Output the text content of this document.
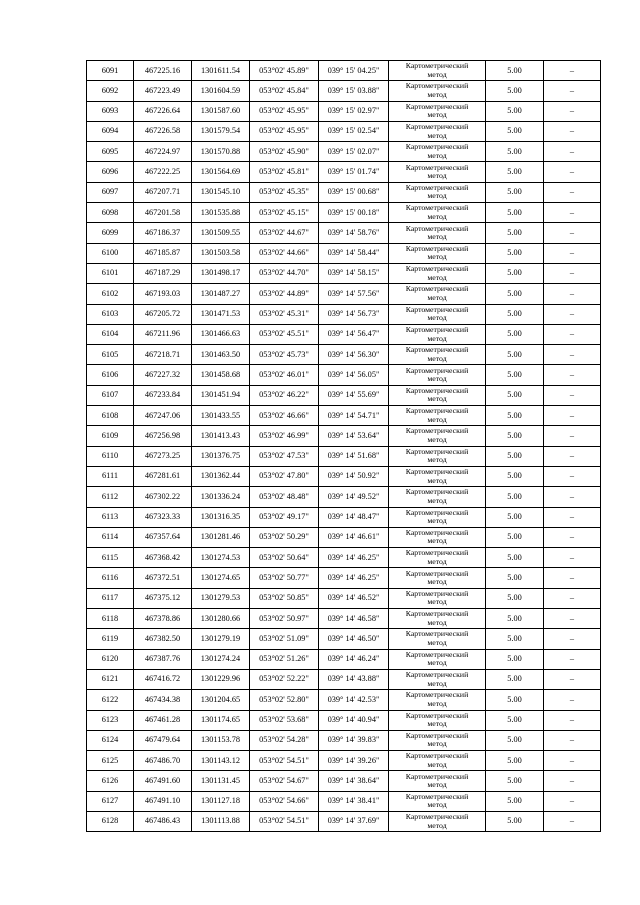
6091	467225.16	1301611.54	053°02' 45.89"	039° 15' 04.25"	Картометрический
метод	5.00	–
6092	467223.49	1301604.59	053°02' 45.84"	039° 15' 03.88"	Картометрический
метод	5.00	–
6093	467226.64	1301587.60	053°02' 45.95"	039° 15' 02.97"	Картометрический
метод	5.00	–
6094	467226.58	1301579.54	053°02' 45.95"	039° 15' 02.54"	Картометрический
метод	5.00	–
6095	467224.97	1301570.88	053°02' 45.90"	039° 15' 02.07"	Картометрический
метод	5.00	–
6096	467222.25	1301564.69	053°02' 45.81"	039° 15' 01.74"	Картометрический
метод	5.00	–
6097	467207.71	1301545.10	053°02' 45.35"	039° 15' 00.68"	Картометрический
метод	5.00	–
6098	467201.58	1301535.88	053°02' 45.15"	039° 15' 00.18"	Картометрический
метод	5.00	–
6099	467186.37	1301509.55	053°02' 44.67"	039° 14' 58.76"	Картометрический
метод	5.00	–
6100	467185.87	1301503.58	053°02' 44.66"	039° 14' 58.44"	Картометрический
метод	5.00	–
6101	467187.29	1301498.17	053°02' 44.70"	039° 14' 58.15"	Картометрический
метод	5.00	–
6102	467193.03	1301487.27	053°02' 44.89"	039° 14' 57.56"	Картометрический
метод	5.00	–
6103	467205.72	1301471.53	053°02' 45.31"	039° 14' 56.73"	Картометрический
метод	5.00	–
6104	467211.96	1301466.63	053°02' 45.51"	039° 14' 56.47"	Картометрический
метод	5.00	–
6105	467218.71	1301463.50	053°02' 45.73"	039° 14' 56.30"	Картометрический
метод	5.00	–
6106	467227.32	1301458.68	053°02' 46.01"	039° 14' 56.05"	Картометрический
метод	5.00	–
6107	467233.84	1301451.94	053°02' 46.22"	039° 14' 55.69"	Картометрический
метод	5.00	–
6108	467247.06	1301433.55	053°02' 46.66"	039° 14' 54.71"	Картометрический
метод	5.00	–
6109	467256.98	1301413.43	053°02' 46.99"	039° 14' 53.64"	Картометрический
метод	5.00	–
6110	467273.25	1301376.75	053°02' 47.53"	039° 14' 51.68"	Картометрический
метод	5.00	–
6111	467281.61	1301362.44	053°02' 47.80"	039° 14' 50.92"	Картометрический
метод	5.00	–
6112	467302.22	1301336.24	053°02' 48.48"	039° 14' 49.52"	Картометрический
метод	5.00	–
6113	467323.33	1301316.35	053°02' 49.17"	039° 14' 48.47"	Картометрический
метод	5.00	–
6114	467357.64	1301281.46	053°02' 50.29"	039° 14' 46.61"	Картометрический
метод	5.00	–
6115	467368.42	1301274.53	053°02' 50.64"	039° 14' 46.25"	Картометрический
метод	5.00	–
6116	467372.51	1301274.65	053°02' 50.77"	039° 14' 46.25"	Картометрический
метод	5.00	–
6117	467375.12	1301279.53	053°02' 50.85"	039° 14' 46.52"	Картометрический
метод	5.00	–
6118	467378.86	1301280.66	053°02' 50.97"	039° 14' 46.58"	Картометрический
метод	5.00	–
6119	467382.50	1301279.19	053°02' 51.09"	039° 14' 46.50"	Картометрический
метод	5.00	–
6120	467387.76	1301274.24	053°02' 51.26"	039° 14' 46.24"	Картометрический
метод	5.00	–
6121	467416.72	1301229.96	053°02' 52.22"	039° 14' 43.88"	Картометрический
метод	5.00	–
6122	467434.38	1301204.65	053°02' 52.80"	039° 14' 42.53"	Картометрический
метод	5.00	–
6123	467461.28	1301174.65	053°02' 53.68"	039° 14' 40.94"	Картометрический
метод	5.00	–
6124	467479.64	1301153.78	053°02' 54.28"	039° 14' 39.83"	Картометрический
метод	5.00	–
6125	467486.70	1301143.12	053°02' 54.51"	039° 14' 39.26"	Картометрический
метод	5.00	–
6126	467491.60	1301131.45	053°02' 54.67"	039° 14' 38.64"	Картометрический
метод	5.00	–
6127	467491.10	1301127.18	053°02' 54.66"	039° 14' 38.41"	Картометрический
метод	5.00	–
6128	467486.43	1301113.88	053°02' 54.51"	039° 14' 37.69"	Картометрический
метод	5.00	–
